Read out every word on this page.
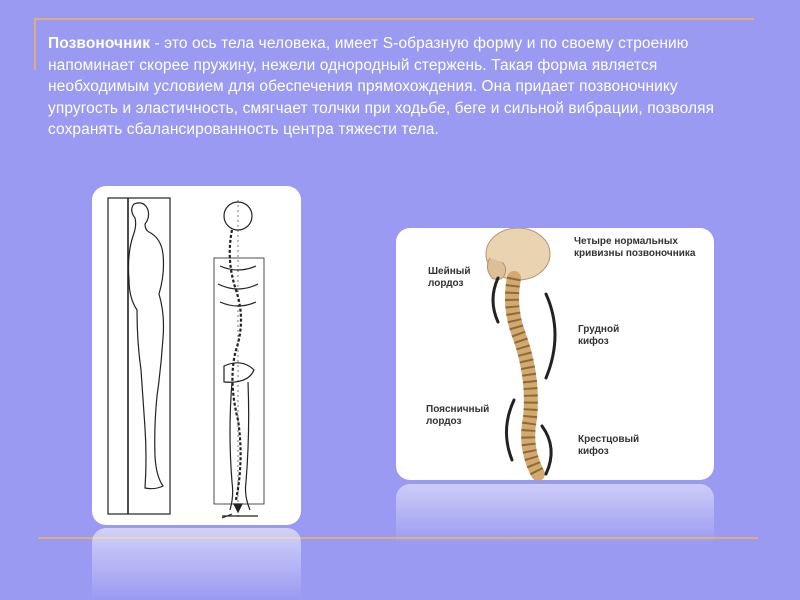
Позвоночник - это ось тела человека, имеет S-образную форму и по своему строению напоминает скорее пружину, нежели однородный стержень. Такая форма является необходимым условием для обеспечения прямохождения. Она придает позвоночнику упругость и эластичность, смягчает толчки при ходьбе, беге и сильной вибрации, позволяя сохранять сбалансированность центра тяжести тела.
Четыре нормальных
кривизны позвоночника
Шейный
лордоз
Грудной
кифоз
Поясничный
лордоз
Крестцовый
кифоз
